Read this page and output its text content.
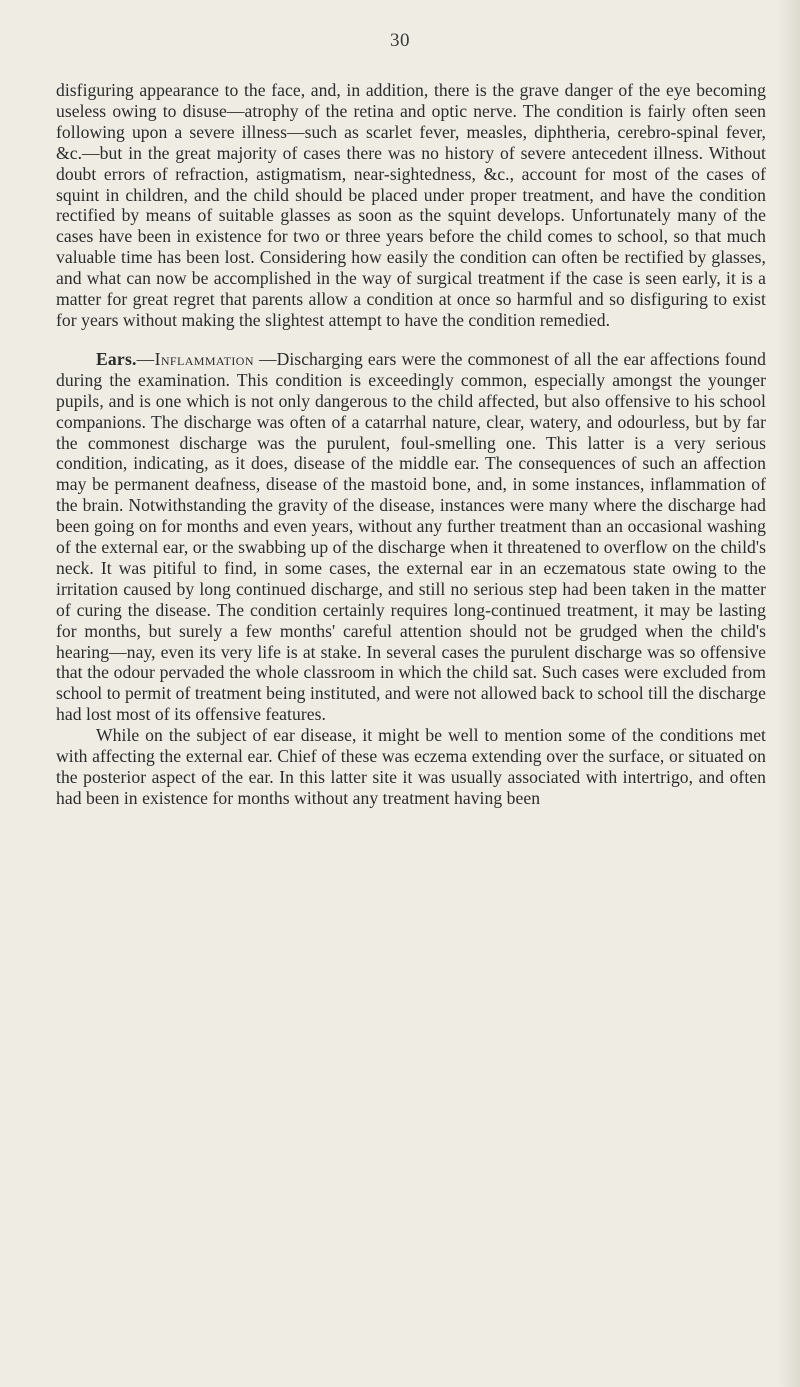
30

disfiguring appearance to the face, and, in addition, there is the grave danger of the eye becoming useless owing to disuse—atrophy of the retina and optic nerve. The condition is fairly often seen following upon a severe illness—such as scarlet fever, measles, diphtheria, cerebro-spinal fever, &c.—but in the great majority of cases there was no history of severe antecedent illness. Without doubt errors of refraction, astigmatism, near-sightedness, &c., account for most of the cases of squint in children, and the child should be placed under proper treatment, and have the condition rectified by means of suitable glasses as soon as the squint develops. Unfortunately many of the cases have been in existence for two or three years before the child comes to school, so that much valuable time has been lost. Considering how easily the condition can often be rectified by glasses, and what can now be accomplished in the way of surgical treatment if the case is seen early, it is a matter for great regret that parents allow a condition at once so harmful and so disfiguring to exist for years without making the slightest attempt to have the condition remedied.

Ears.—Inflammation —Discharging ears were the commonest of all the ear affections found during the examination. This condition is exceedingly common, especially amongst the younger pupils, and is one which is not only dangerous to the child affected, but also offensive to his school companions. The discharge was often of a catarrhal nature, clear, watery, and odourless, but by far the commonest discharge was the purulent, foul-smelling one. This latter is a very serious condition, indicating, as it does, disease of the middle ear. The consequences of such an affection may be permanent deafness, disease of the mastoid bone, and, in some instances, inflammation of the brain. Notwithstanding the gravity of the disease, instances were many where the discharge had been going on for months and even years, without any further treatment than an occasional washing of the external ear, or the swabbing up of the discharge when it threatened to overflow on the child's neck. It was pitiful to find, in some cases, the external ear in an eczematous state owing to the irritation caused by long continued discharge, and still no serious step had been taken in the matter of curing the disease. The condition certainly requires long-continued treatment, it may be lasting for months, but surely a few months' careful attention should not be grudged when the child's hearing—nay, even its very life is at stake. In several cases the purulent discharge was so offensive that the odour pervaded the whole classroom in which the child sat. Such cases were excluded from school to permit of treatment being instituted, and were not allowed back to school till the discharge had lost most of its offensive features.

While on the subject of ear disease, it might be well to mention some of the conditions met with affecting the external ear. Chief of these was eczema extending over the surface, or situated on the posterior aspect of the ear. In this latter site it was usually associated with intertrigo, and often had been in existence for months without any treatment having been
